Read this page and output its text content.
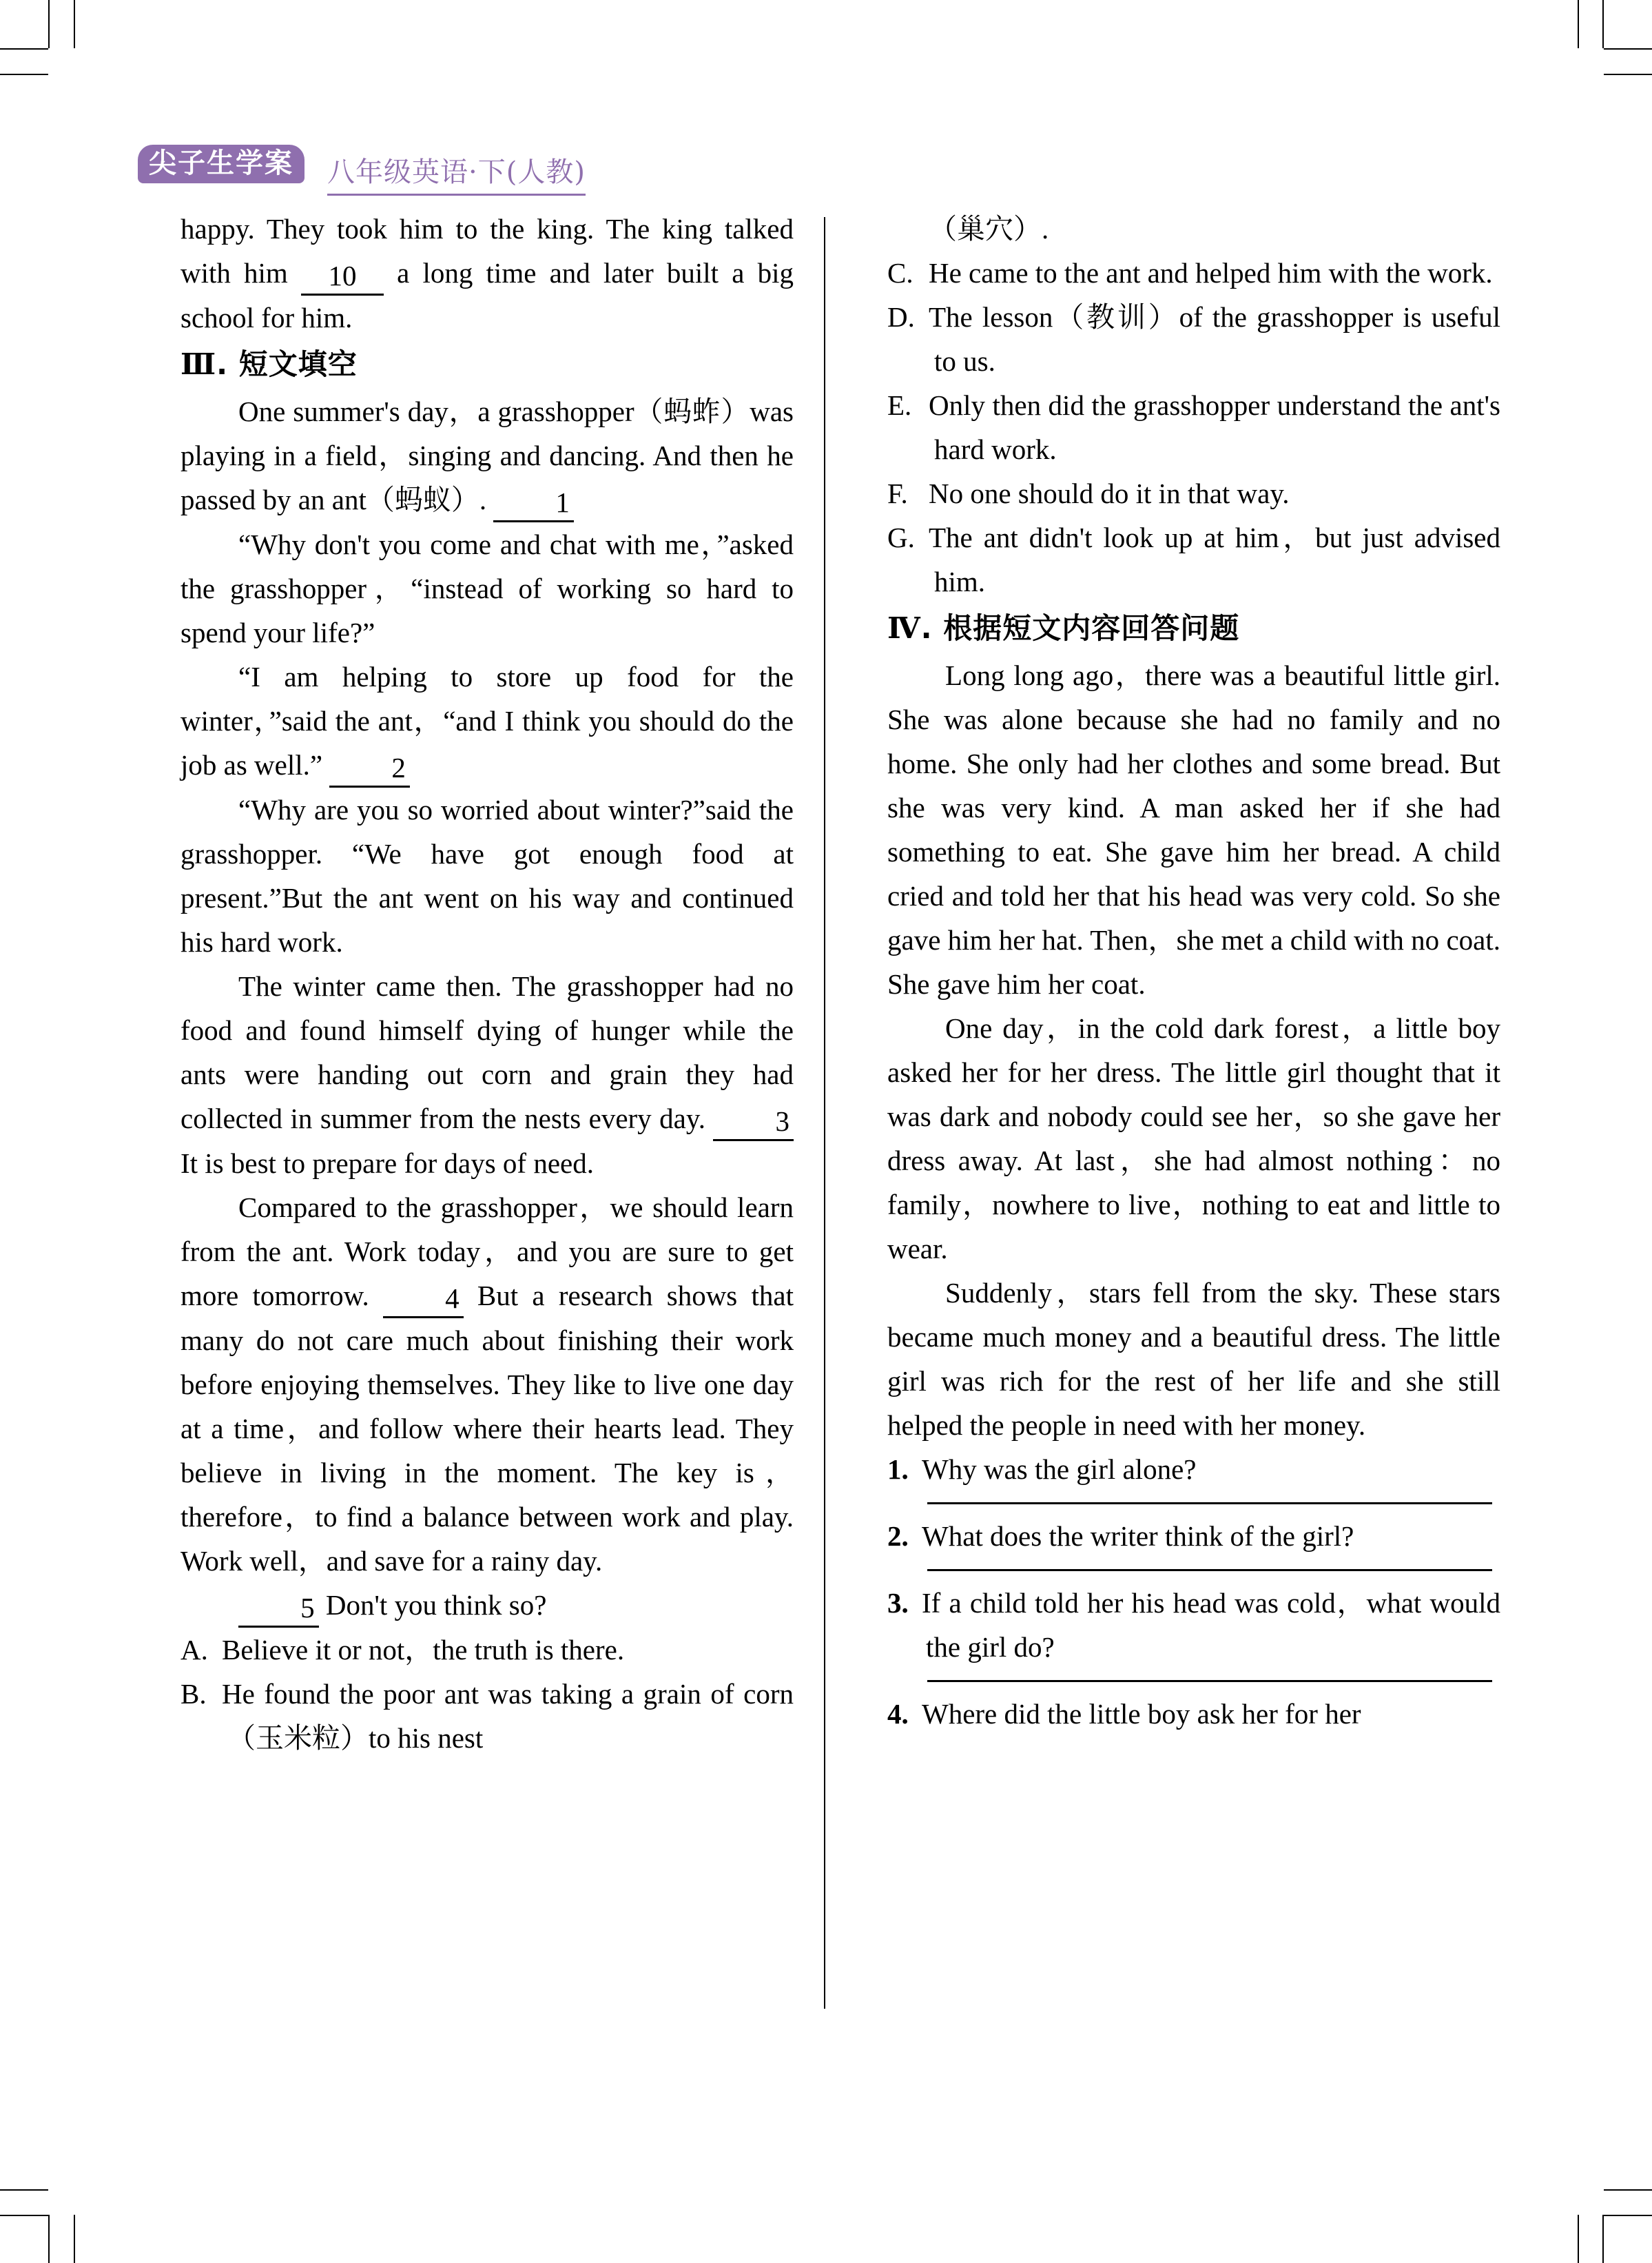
尖子生学案	八年级英语·下(人教)

happy. They took him to the king. The king talked with him 10 a long time and later built a big school for him.

Ⅲ. 短文填空

One summer's day，a grasshopper（蚂蚱）was playing in a field，singing and dancing. And then he passed by an ant（蚂蚁）. 1

“Why don't you come and chat with me，”asked the grasshopper，“instead of working so hard to spend your life?”

“I am helping to store up food for the winter，”said the ant，“and I think you should do the job as well.” 2

“Why are you so worried about winter?”said the grasshopper. “We have got enough food at present.”But the ant went on his way and continued his hard work.

The winter came then. The grasshopper had no food and found himself dying of hunger while the ants were handing out corn and grain they had collected in summer from the nests every day. 3 It is best to prepare for days of need.

Compared to the grasshopper，we should learn from the ant. Work today，and you are sure to get more tomorrow.	4 But a research shows that many do not care much about finishing their work before enjoying themselves. They like to live one day at a time，and follow where their hearts lead. They believe in living in the moment. The key is，therefore，to find a balance between work and play. Work well，and save for a rainy day.

5 Don't you think so?

A. Believe it or not，the truth is there.

B. He found the poor ant was taking a grain of corn（玉米粒）to his nest

（巢穴）.

C. He came to the ant and helped him with the work.

D. The lesson（教训）of the grasshopper is useful to us.

E. Only then did the grasshopper understand the ant's hard work.

F. No one should do it in that way.

G. The ant didn't look up at him，but just advised him.

Ⅳ. 根据短文内容回答问题

Long long ago，there was a beautiful little girl. She was alone because she had no family and no home. She only had her clothes and some bread. But she was very kind. A man asked her if she had something to eat. She gave him her bread. A child cried and told her that his head was very cold. So she gave him her hat. Then，she met a child with no coat. She gave him her coat.

One day，in the cold dark forest，a little boy asked her for her dress. The little girl thought that it was dark and nobody could see her，so she gave her dress away. At last，she had almost nothing：no family，nowhere to live，nothing to eat and little to wear.

Suddenly，stars fell from the sky. These stars became much money and a beautiful dress. The little girl was rich for the rest of her life and she still helped the people in need with her money.

1. Why was the girl alone?

2. What does the writer think of the girl?

3. If a child told her his head was cold，what would the girl do?

4. Where did the little boy ask her for her
